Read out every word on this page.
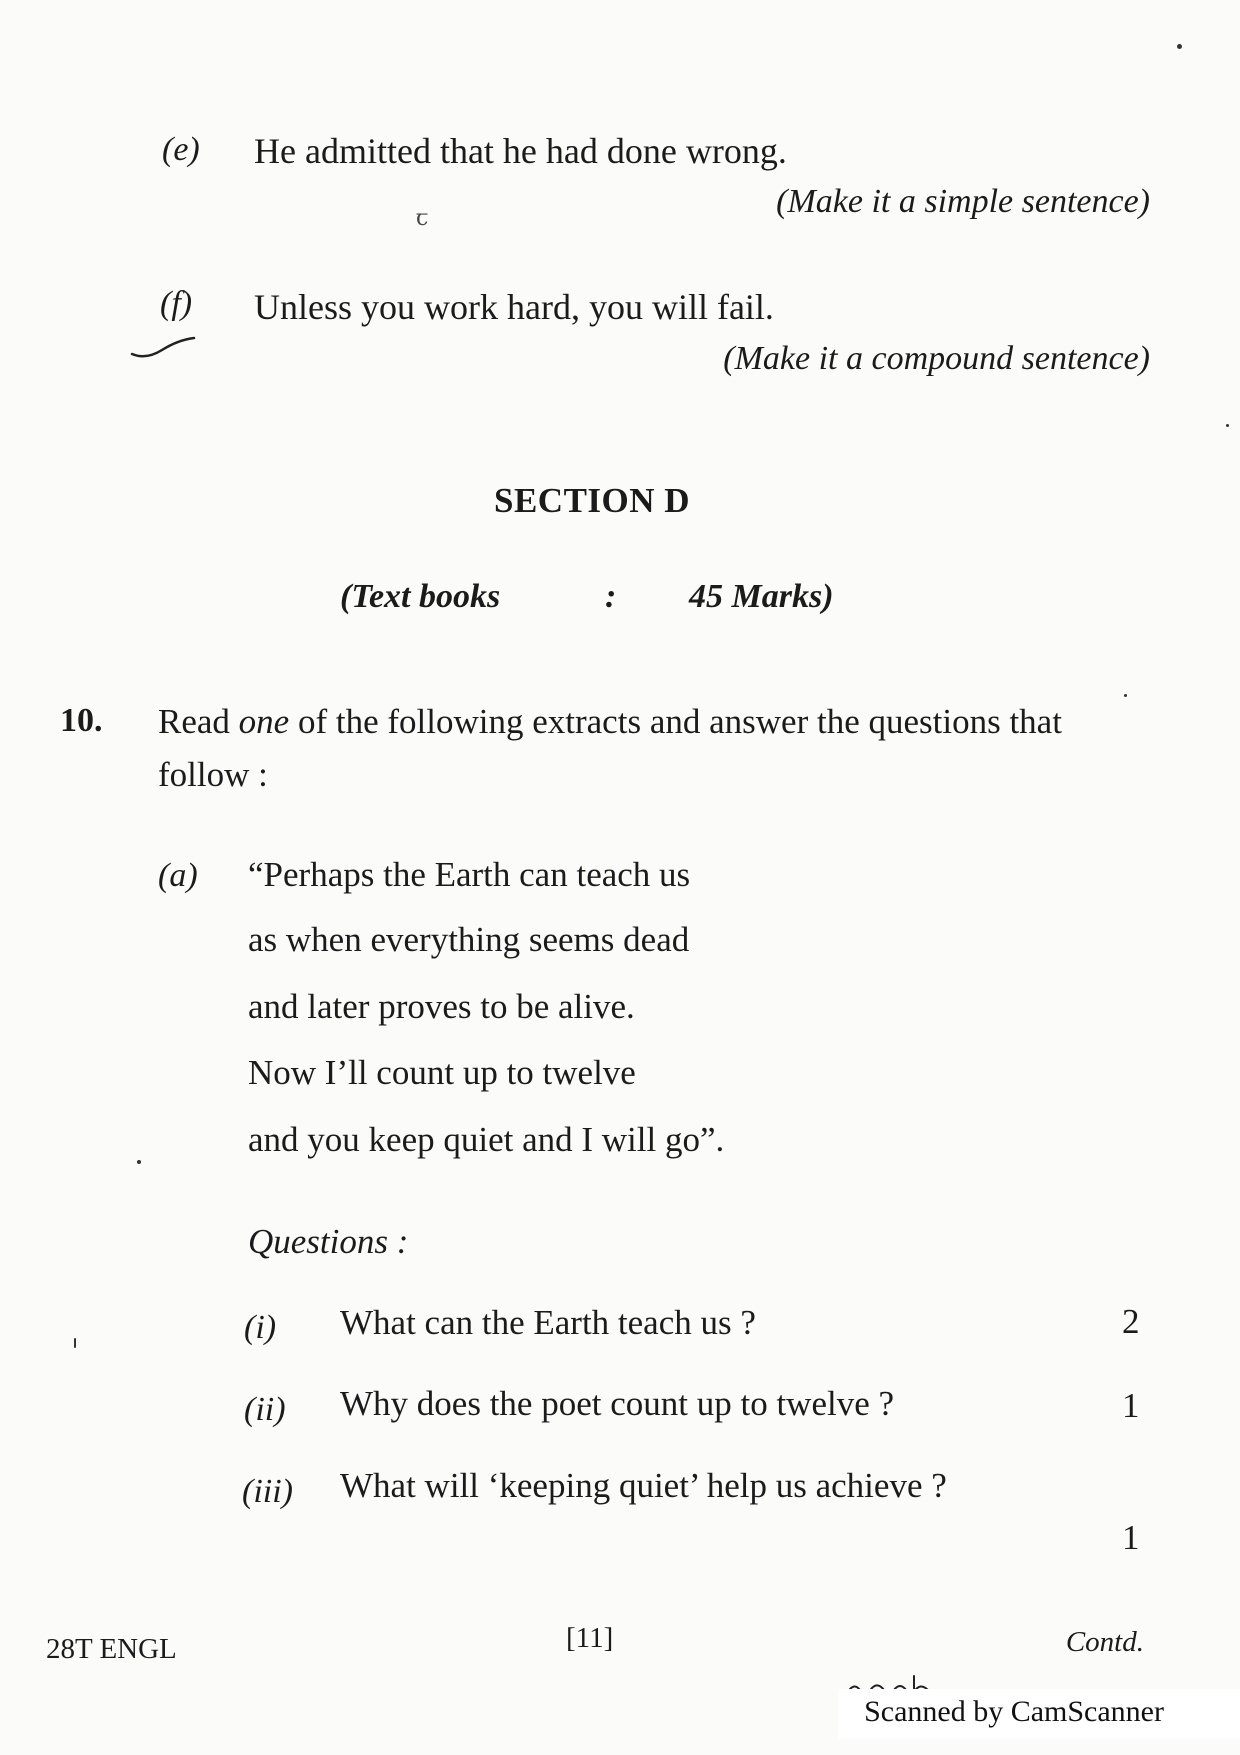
(e) He admitted that he had done wrong.
(Make it a simple sentence)
ꞇ
(f) Unless you work hard, you will fail.
(Make it a compound sentence)
SECTION D
(Text books	: 45 Marks)
10. Read one of the following extracts and answer the questions that follow :
(a) “Perhaps the Earth can teach us
as when everything seems dead
and later proves to be alive.
Now I’ll count up to twelve
and you keep quiet and I will go”.
Questions :
(i) What can the Earth teach us ?	2
(ii) Why does the poet count up to twelve ?	1
(iii) What will ‘keeping quiet’ help us achieve ?
1
28T ENGL	[11]	Contd.
Scanned by CamScanner
